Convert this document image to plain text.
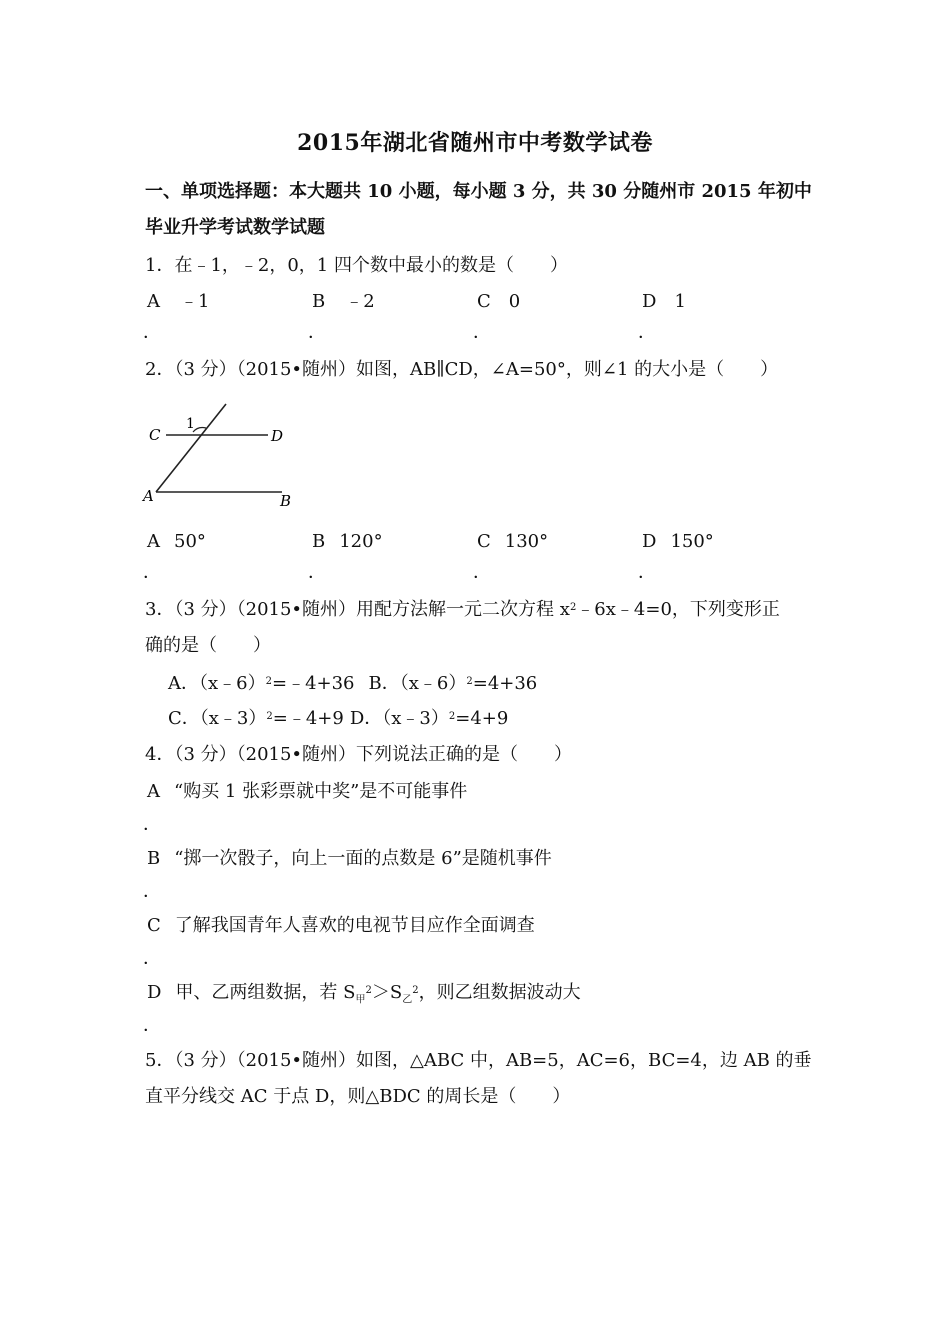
2015年湖北省随州市中考数学试卷
一、单项选择题：本大题共 10 小题，每小题 3 分，共 30 分随州市 2015 年初中
毕业升学考试数学试题
1．在﹣1，﹣2，0，1 四个数中最小的数是（　　）
A ﹣1	B ﹣2	C 0	D 1
．	．	．	．
2．（3 分）（2015•随州）如图，AB∥CD，∠A=50°，则∠1 的大小是（　　）
C	D
A	B
1
A 50°	B 120°	C 130°	D 150°
．	．	．	．
3．（3 分）（2015•随州）用配方法解一元二次方程 $x^2﹣6x﹣4=0$，下列变形正
确的是（　　）
A．（x﹣6）$^2$=﹣4+36 B．（x﹣6）$^2$=4+36
C．（x﹣3）$^2$=﹣4+9 D．（x﹣3）$^2$=4+9
4．（3 分）（2015•随州）下列说法正确的是（　　）
A “购买 1 张彩票就中奖”是不可能事件
．
B “掷一次骰子，向上一面的点数是 6”是随机事件
．
C 了解我国青年人喜欢的电视节目应作全面调查
．
D 甲、乙两组数据，若 $S_甲^2>S_乙^2$，则乙组数据波动大
．
5．（3 分）（2015•随州）如图，△ABC 中，AB=5，AC=6，BC=4，边 AB 的垂
直平分线交 AC 于点 D，则△BDC 的周长是（　　）
